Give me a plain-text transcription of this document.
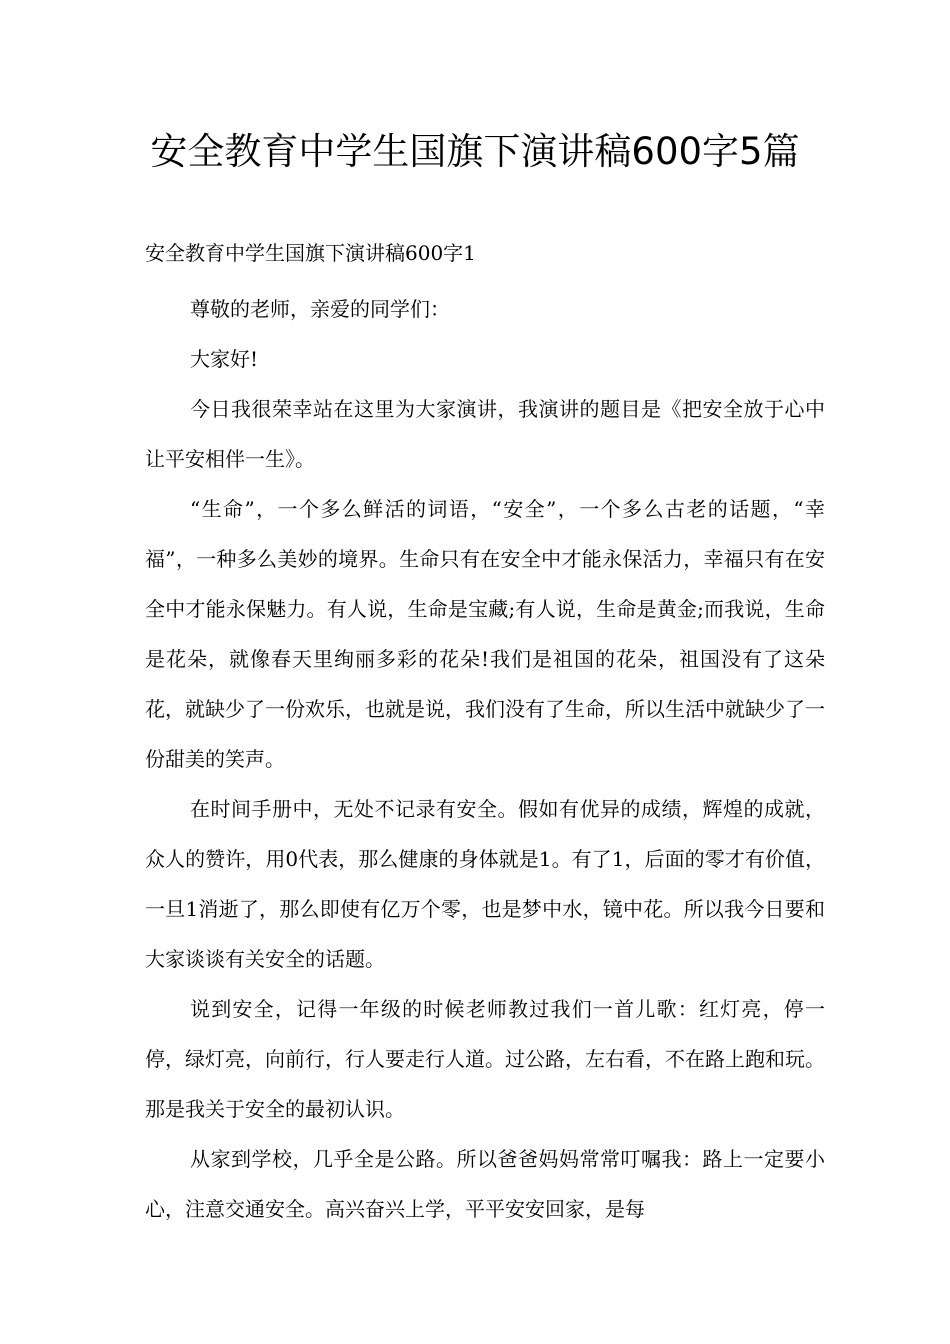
安全教育中学生国旗下演讲稿600字5篇
安全教育中学生国旗下演讲稿600字1

尊敬的老师，亲爱的同学们：

大家好!

今日我很荣幸站在这里为大家演讲，我演讲的题目是《把安全放于心中让平安相伴一生》。

“生命”，一个多么鲜活的词语，“安全”，一个多么古老的话题，“幸福”，一种多么美妙的境界。生命只有在安全中才能永保活力，幸福只有在安全中才能永保魅力。有人说，生命是宝藏;有人说，生命是黄金;而我说，生命是花朵，就像春天里绚丽多彩的花朵!我们是祖国的花朵，祖国没有了这朵花，就缺少了一份欢乐，也就是说，我们没有了生命，所以生活中就缺少了一份甜美的笑声。

在时间手册中，无处不记录有安全。假如有优异的成绩，辉煌的成就，众人的赞许，用0代表，那么健康的身体就是1。有了1，后面的零才有价值，一旦1消逝了，那么即使有亿万个零，也是梦中水，镜中花。所以我今日要和大家谈谈有关安全的话题。

说到安全，记得一年级的时候老师教过我们一首儿歌：红灯亮，停一停，绿灯亮，向前行，行人要走行人道。过公路，左右看，不在路上跑和玩。那是我关于安全的最初认识。

从家到学校，几乎全是公路。所以爸爸妈妈常常叮嘱我：路上一定要小心，注意交通安全。高兴奋兴上学，平平安安回家，是每
